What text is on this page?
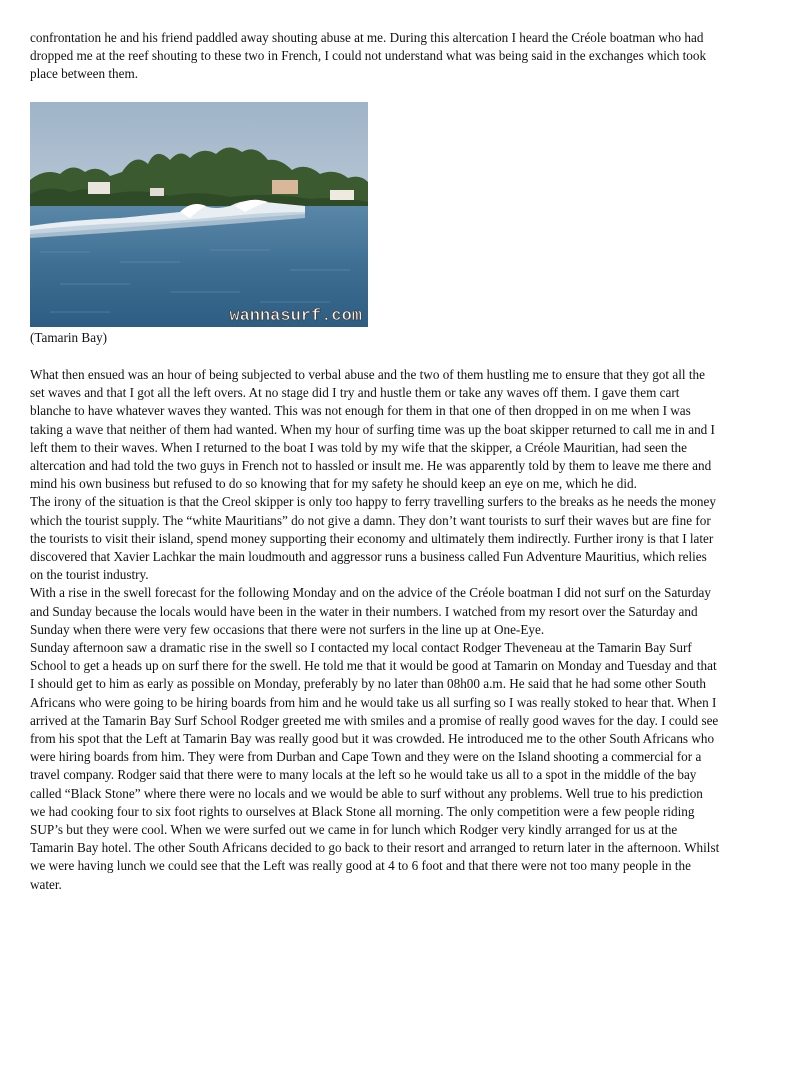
confrontation he and his friend paddled away shouting abuse at me. During this altercation I heard the Créole boatman who had dropped me at the reef shouting to these two in French, I could not understand what was being said in the exchanges which took place between them.

wannasurf.com
(Tamarin Bay)

What then ensued was an hour of being subjected to verbal abuse and the two of them hustling me to ensure that they got all the set waves and that I got all the left overs. At no stage did I try and hustle them or take any waves off them. I gave them cart blanche to have whatever waves they wanted. This was not enough for them in that one of then dropped in on me when I was taking a wave that neither of them had wanted. When my hour of surfing time was up the boat skipper returned to call me in and I left them to their waves. When I returned to the boat I was told by my wife that the skipper, a Créole Mauritian, had seen the altercation and had told the two guys in French not to hassled or insult me. He was apparently told by them to leave me there and mind his own business but refused to do so knowing that for my safety he should keep an eye on me, which he did.

The irony of the situation is that the Creol skipper is only too happy to ferry travelling surfers to the breaks as he needs the money which the tourist supply. The “white Mauritians” do not give a damn. They don’t want tourists to surf their waves but are fine for the tourists to visit their island, spend money supporting their economy and ultimately them indirectly. Further irony is that I later discovered that Xavier Lachkar the main loudmouth and aggressor runs a business called Fun Adventure Mauritius, which relies on the tourist industry.

With a rise in the swell forecast for the following Monday and on the advice of the Créole boatman I did not surf on the Saturday and Sunday because the locals would have been in the water in their numbers. I watched from my resort over the Saturday and Sunday when there were very few occasions that there were not surfers in the line up at One-Eye.

Sunday afternoon saw a dramatic rise in the swell so I contacted my local contact Rodger Theveneau at the Tamarin Bay Surf School to get a heads up on surf there for the swell. He told me that it would be good at Tamarin on Monday and Tuesday and that I should get to him as early as possible on Monday, preferably by no later than 08h00 a.m. He said that he had some other South Africans who were going to be hiring boards from him and he would take us all surfing so I was really stoked to hear that. When I arrived at the Tamarin Bay Surf School Rodger greeted me with smiles and a promise of really good waves for the day. I could see from his spot that the Left at Tamarin Bay was really good but it was crowded. He introduced me to the other South Africans who were hiring boards from him. They were from Durban and Cape Town and they were on the Island shooting a commercial for a travel company. Rodger said that there were to many locals at the left so he would take us all to a spot in the middle of the bay called “Black Stone” where there were no locals and we would be able to surf without any problems. Well true to his prediction we had cooking four to six foot rights to ourselves at Black Stone all morning. The only competition were a few people riding SUP’s but they were cool. When we were surfed out we came in for lunch which Rodger very kindly arranged for us at the Tamarin Bay hotel. The other South Africans decided to go back to their resort and arranged to return later in the afternoon. Whilst we were having lunch we could see that the Left was really good at 4 to 6 foot and that there were not too many people in the water.
